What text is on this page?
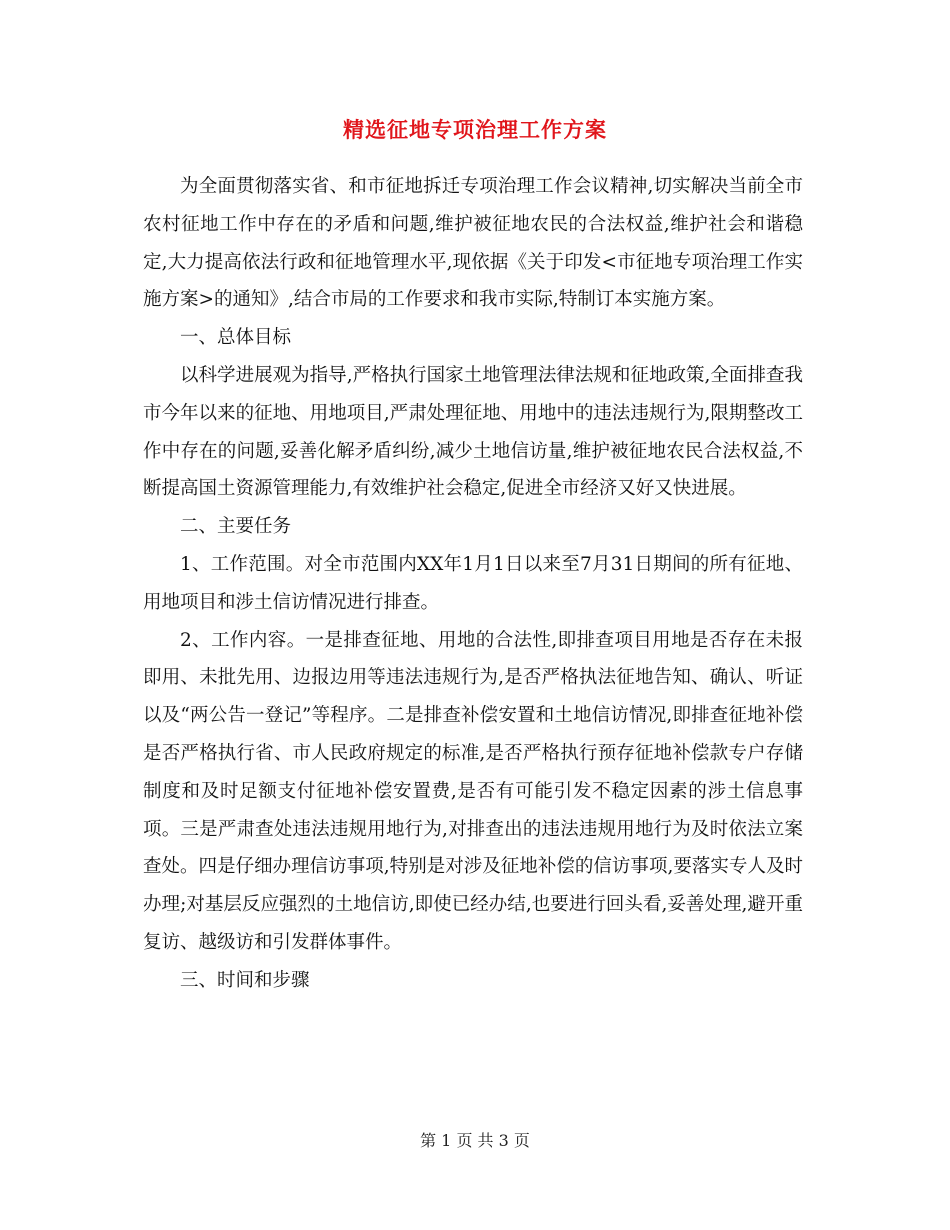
精选征地专项治理工作方案

为全面贯彻落实省、和市征地拆迁专项治理工作会议精神,切实解决当前全市农村征地工作中存在的矛盾和问题,维护被征地农民的合法权益,维护社会和谐稳定,大力提高依法行政和征地管理水平,现依据《关于印发<市征地专项治理工作实施方案>的通知》,结合市局的工作要求和我市实际,特制订本实施方案。

一、总体目标

以科学进展观为指导,严格执行国家土地管理法律法规和征地政策,全面排查我市今年以来的征地、用地项目,严肃处理征地、用地中的违法违规行为,限期整改工作中存在的问题,妥善化解矛盾纠纷,减少土地信访量,维护被征地农民合法权益,不断提高国土资源管理能力,有效维护社会稳定,促进全市经济又好又快进展。

二、主要任务

1、工作范围。对全市范围内XX年1月1日以来至7月31日期间的所有征地、用地项目和涉土信访情况进行排查。

2、工作内容。一是排查征地、用地的合法性,即排查项目用地是否存在未报即用、未批先用、边报边用等违法违规行为,是否严格执法征地告知、确认、听证以及“两公告一登记”等程序。二是排查补偿安置和土地信访情况,即排查征地补偿是否严格执行省、市人民政府规定的标准,是否严格执行预存征地补偿款专户存储制度和及时足额支付征地补偿安置费,是否有可能引发不稳定因素的涉土信息事项。三是严肃查处违法违规用地行为,对排查出的违法违规用地行为及时依法立案查处。四是仔细办理信访事项,特别是对涉及征地补偿的信访事项,要落实专人及时办理;对基层反应强烈的土地信访,即使已经办结,也要进行回头看,妥善处理,避开重复访、越级访和引发群体事件。

三、时间和步骤

第 1 页 共 3 页
